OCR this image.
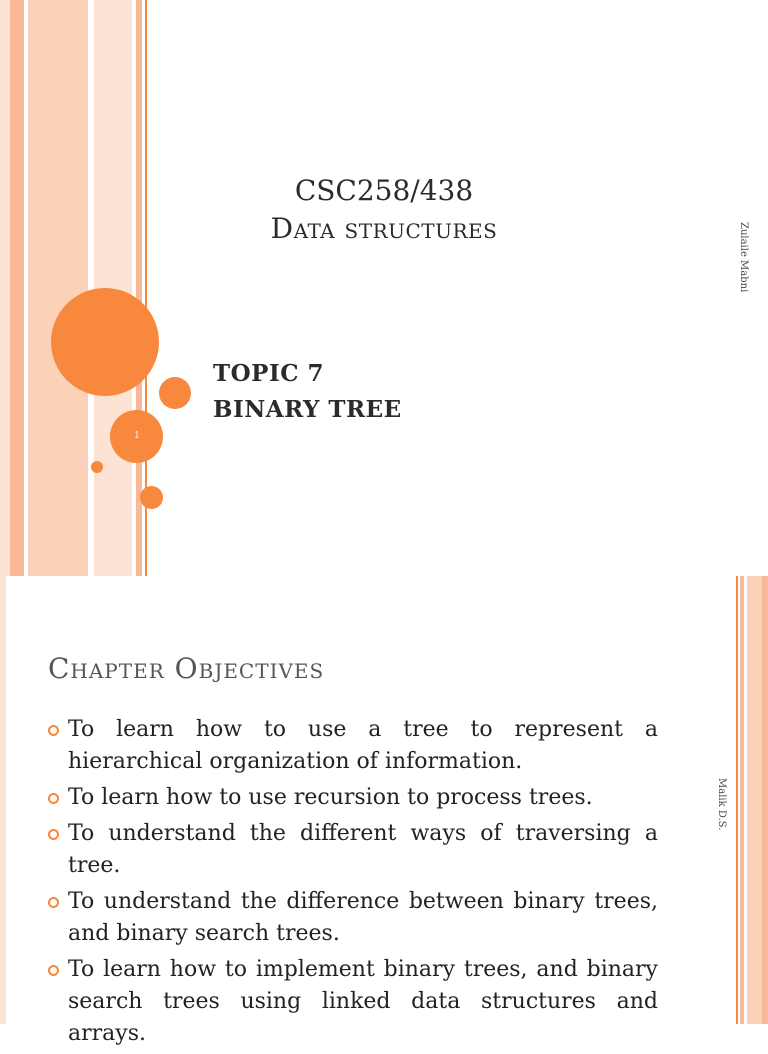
CSC258/438
Data structures
TOPIC 7
BINARY TREE
1
Zulaile Mabni
Chapter Objectives
To learn how to use a tree to represent a hierarchical organization of information.
To learn how to use recursion to process trees.
To understand the different ways of traversing a tree.
To understand the difference between binary trees, and binary search trees.
To learn how to implement binary trees, and binary search trees using linked data structures and arrays.
Malik D.S.
